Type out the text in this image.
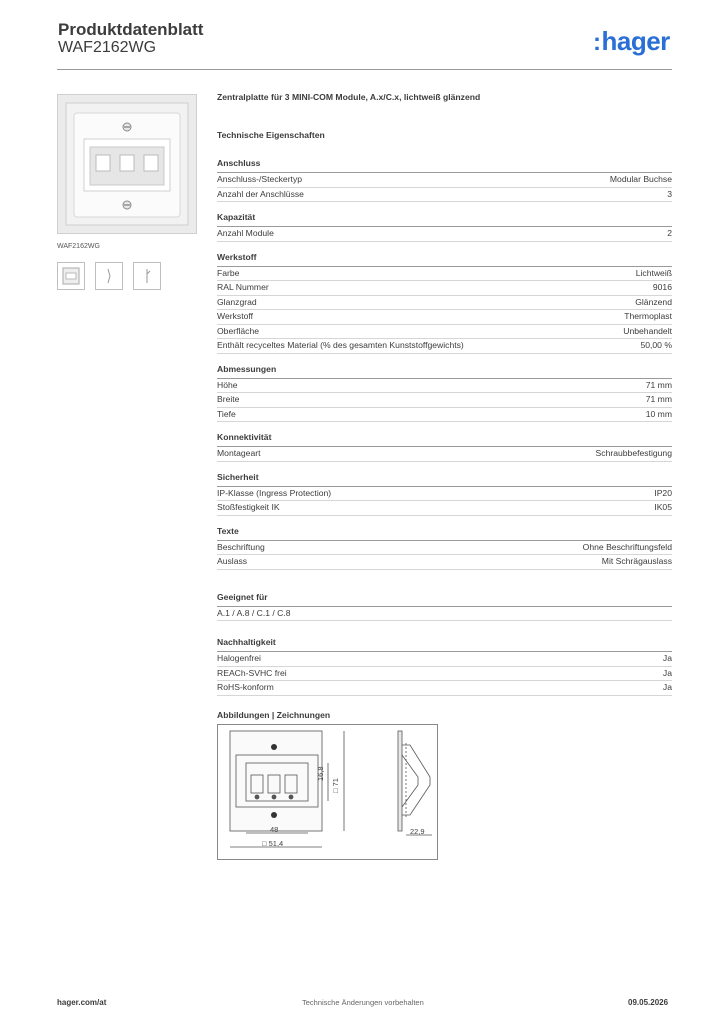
Produktdatenblatt
WAF2162WG	:hager
WAF2162WG
Zentralplatte für 3 MINI-COM Module, A.x/C.x, lichtweiß glänzend
Technische Eigenschaften
Anschluss
Anschluss-/Steckertyp	Modular Buchse
Anzahl der Anschlüsse	3
Kapazität
Anzahl Module	2
Werkstoff
Farbe	Lichtweiß
RAL Nummer	9016
Glanzgrad	Glänzend
Werkstoff	Thermoplast
Oberfläche	Unbehandelt
Enthält recyceltes Material (% des gesamten Kunststoffgewichts)	50,00 %
Abmessungen
Höhe	71 mm
Breite	71 mm
Tiefe	10 mm
Konnektivität
Montageart	Schraubbefestigung
Sicherheit
IP-Klasse (Ingress Protection)	IP20
Stoßfestigkeit IK	IK05
Texte
Beschriftung	Ohne Beschriftungsfeld
Auslass	Mit Schrägauslass
Geeignet für
A.1 / A.8 / C.1 / C.8
Nachhaltigkeit
Halogenfrei	Ja
REACh-SVHC frei	Ja
RoHS-konform	Ja
Abbildungen | Zeichnungen
48
□ 51,4
16,8
□ 71
22,9
hager.com/at	Technische Änderungen vorbehalten	09.05.2026
